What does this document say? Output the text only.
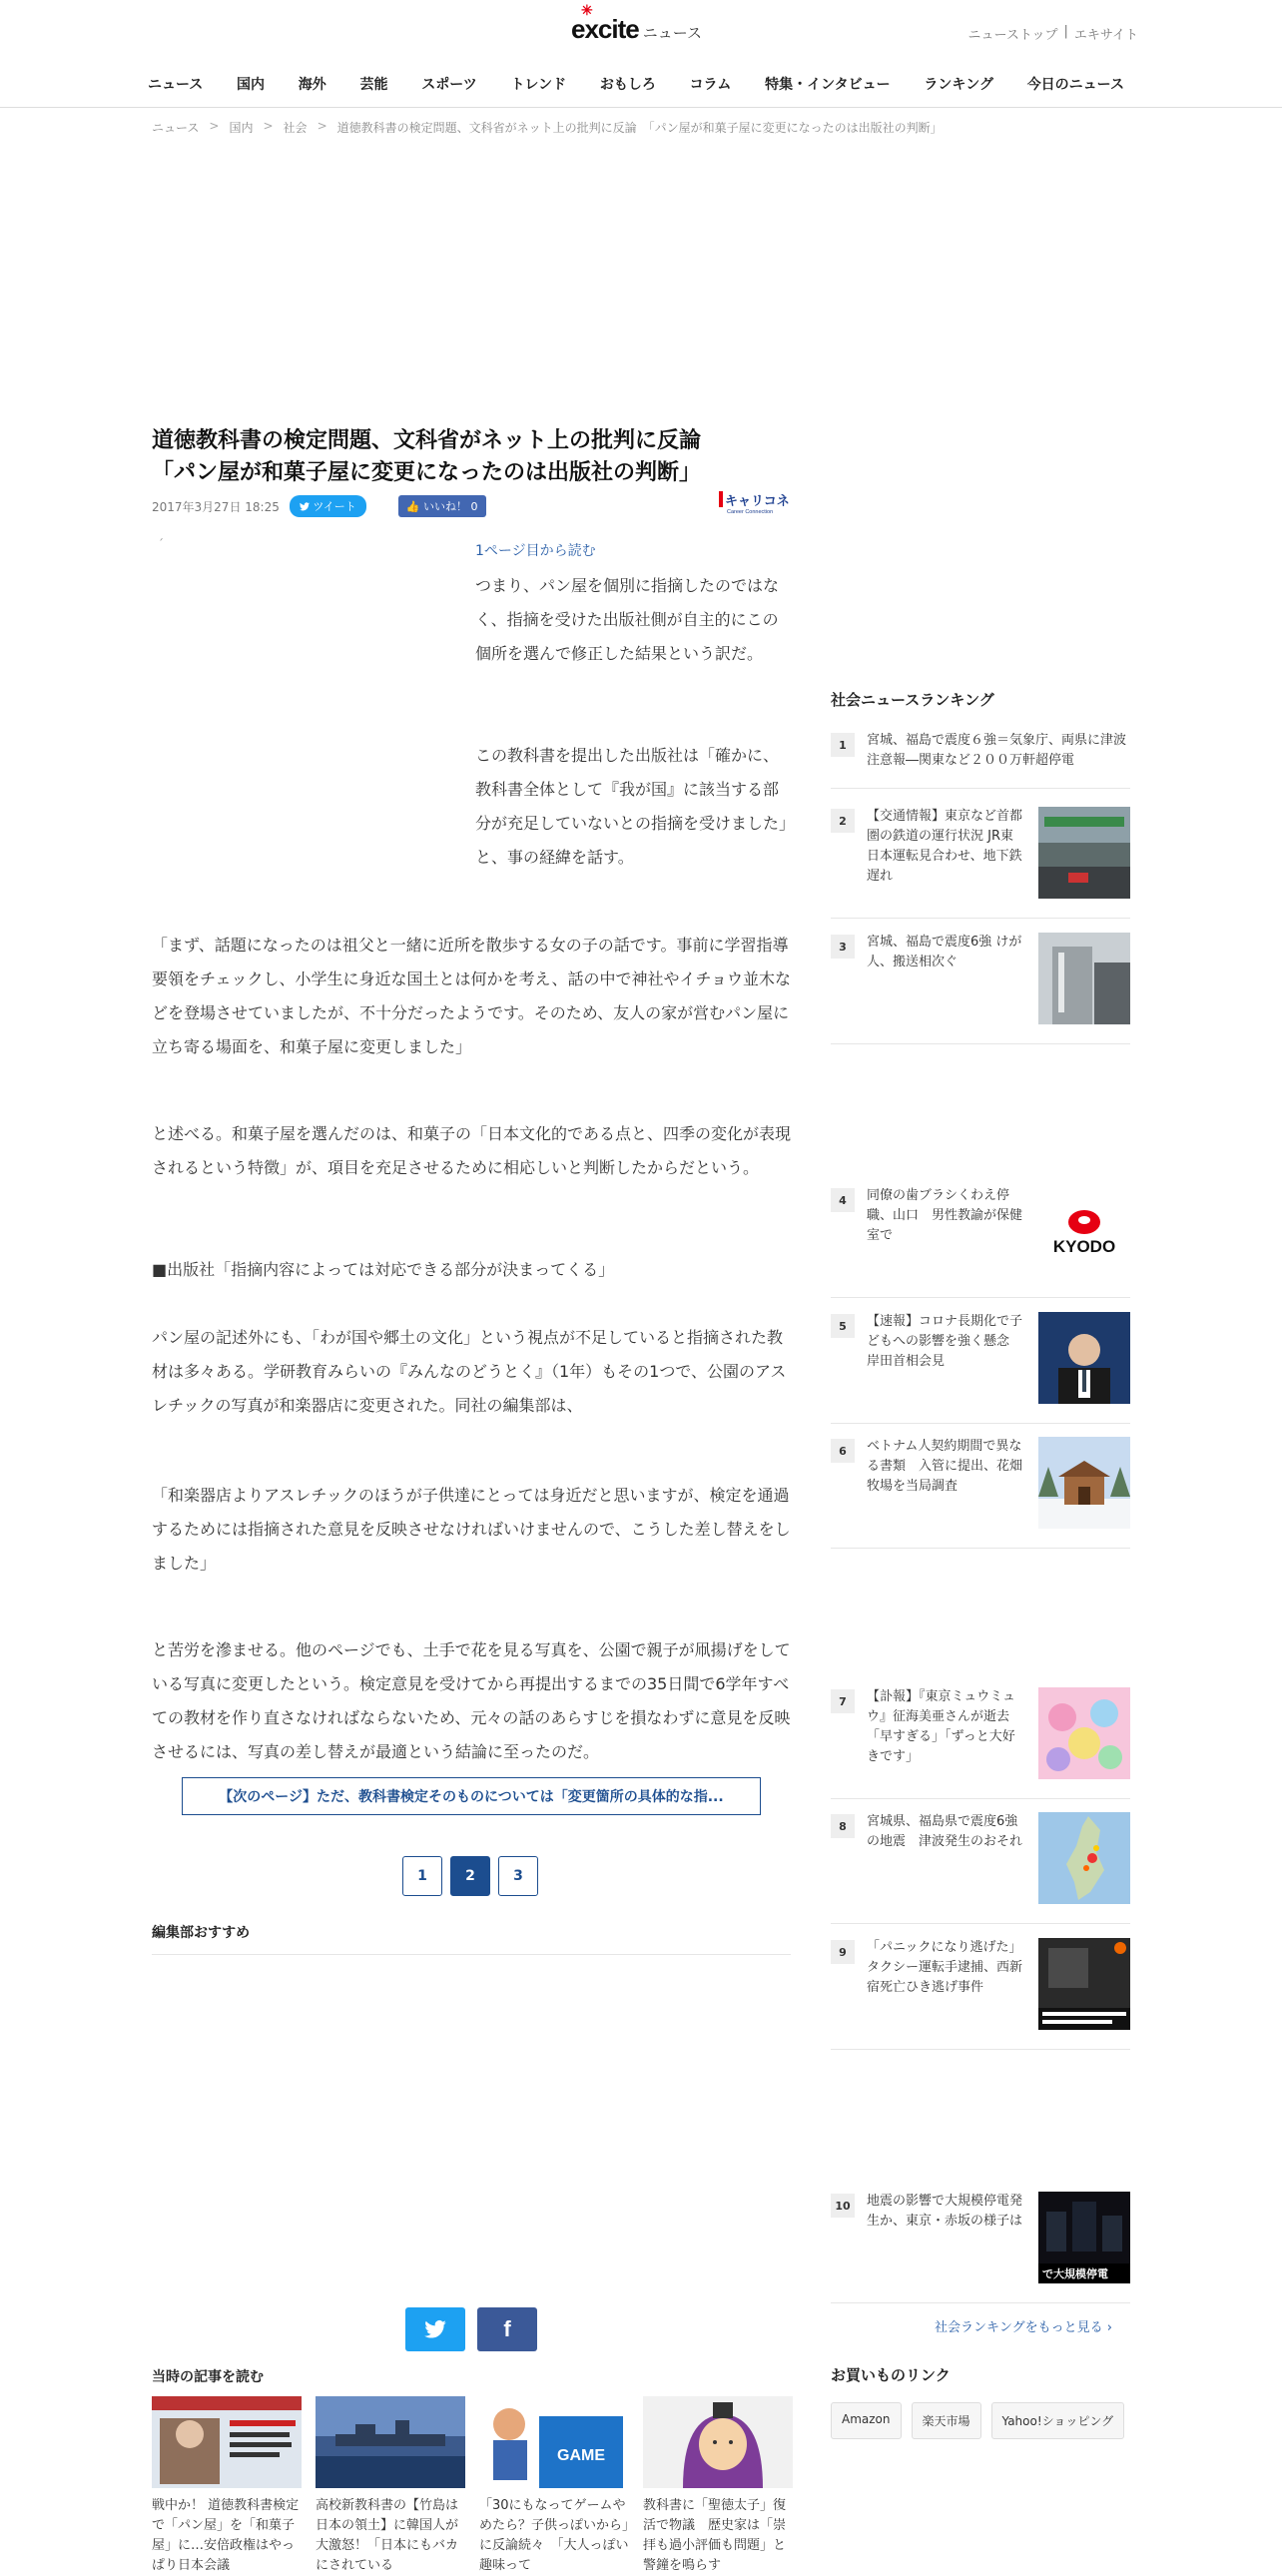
✳
excite ニュース	ニューストップ | エキサイト
ニュース	国内	海外	芸能	スポーツ	トレンド	おもしろ	コラム	特集・インタビュー	ランキング	今日のニュース
ニュース > 国内 > 社会 > 道徳教科書の検定問題、文科省がネット上の批判に反論　「パン屋が和菓子屋に変更になったのは出版社の判断」
道徳教科書の検定問題、文科省がネット上の批判に反論
「パン屋が和菓子屋に変更になったのは出版社の判断」
2017年3月27日 18:25	ツイート	👍 いいね！ 0	キャリコネ
Career Connection
´	1ページ目から読む

つまり、パン屋を個別に指摘したのではなく、指摘を受けた出版社側が自主的にこの個所を選んで修正した結果という訳だ。

この教科書を提出した出版社は「確かに、教科書全体として『我が国』に該当する部分が充足していないとの指摘を受けました」と、事の経緯を話す。

「まず、話題になったのは祖父と一緒に近所を散歩する女の子の話です。事前に学習指導要領をチェックし、小学生に身近な国土とは何かを考え、話の中で神社やイチョウ並木などを登場させていましたが、不十分だったようです。そのため、友人の家が営むパン屋に立ち寄る場面を、和菓子屋に変更しました」

と述べる。和菓子屋を選んだのは、和菓子の「日本文化的である点と、四季の変化が表現されるという特徴」が、項目を充足させるために相応しいと判断したからだという。

■出版社「指摘内容によっては対応できる部分が決まってくる」

パン屋の記述外にも、「わが国や郷土の文化」という視点が不足していると指摘された教材は多々ある。学研教育みらいの『みんなのどうとく』（1年）もその1つで、公園のアスレチックの写真が和楽器店に変更された。同社の編集部は、

「和楽器店よりアスレチックのほうが子供達にとっては身近だと思いますが、検定を通過するためには指摘された意見を反映させなければいけませんので、こうした差し替えをしました」

と苦労を滲ませる。他のページでも、土手で花を見る写真を、公園で親子が凧揚げをしている写真に変更したという。検定意見を受けてから再提出するまでの35日間で6学年すべての教材を作り直さなければならないため、元々の話のあらすじを損なわずに意見を反映させるには、写真の差し替えが最適という結論に至ったのだ。

【次のページ】ただ、教科書検定そのものについては「変更箇所の具体的な指...
1	2	3
編集部おすすめ
f
当時の記事を読む
戦中か！ 道徳教科書検定で「パン屋」を「和菓子屋」に…安倍政権はやっぱり日本会議
高校新教科書の【竹島は日本の領土】に韓国人が大激怒！「日本にもバカにされている
GAME
「30にもなってゲームやめたら？子供っぽいから」に反論続々　「大人っぽい趣味って
教科書に「聖徳太子」復活で物議　歴史家は「崇拝も過小評価も問題」と警鐘を鳴らす
社会ニュースランキング
1	宮城、福島で震度６強＝気象庁、両県に津波注意報―関東など２００万軒超停電
2	【交通情報】東京など首都圏の鉄道の運行状況 JR東日本運転見合わせ、地下鉄遅れ
3	宮城、福島で震度6強 けが人、搬送相次ぐ
4	同僚の歯ブラシくわえ停職、山口　男性教諭が保健室で
KYODO
5	【速報】コロナ長期化で子どもへの影響を強く懸念　岸田首相会見
6	ベトナム人契約期間で異なる書類　入管に提出、花畑牧場を当局調査
7	【訃報】『東京ミュウミュウ』征海美亜さんが逝去　「早すぎる」「ずっと大好きです」
8	宮城県、福島県で震度6強の地震　津波発生のおそれ
9	「パニックになり逃げた」タクシー運転手逮捕、西新宿死亡ひき逃げ事件
10	地震の影響で大規模停電発生か、東京・赤坂の様子は
で大規模停電
社会ランキングをもっと見る ›
お買いものリンク
Amazon	楽天市場	Yahoo!ショッピング
